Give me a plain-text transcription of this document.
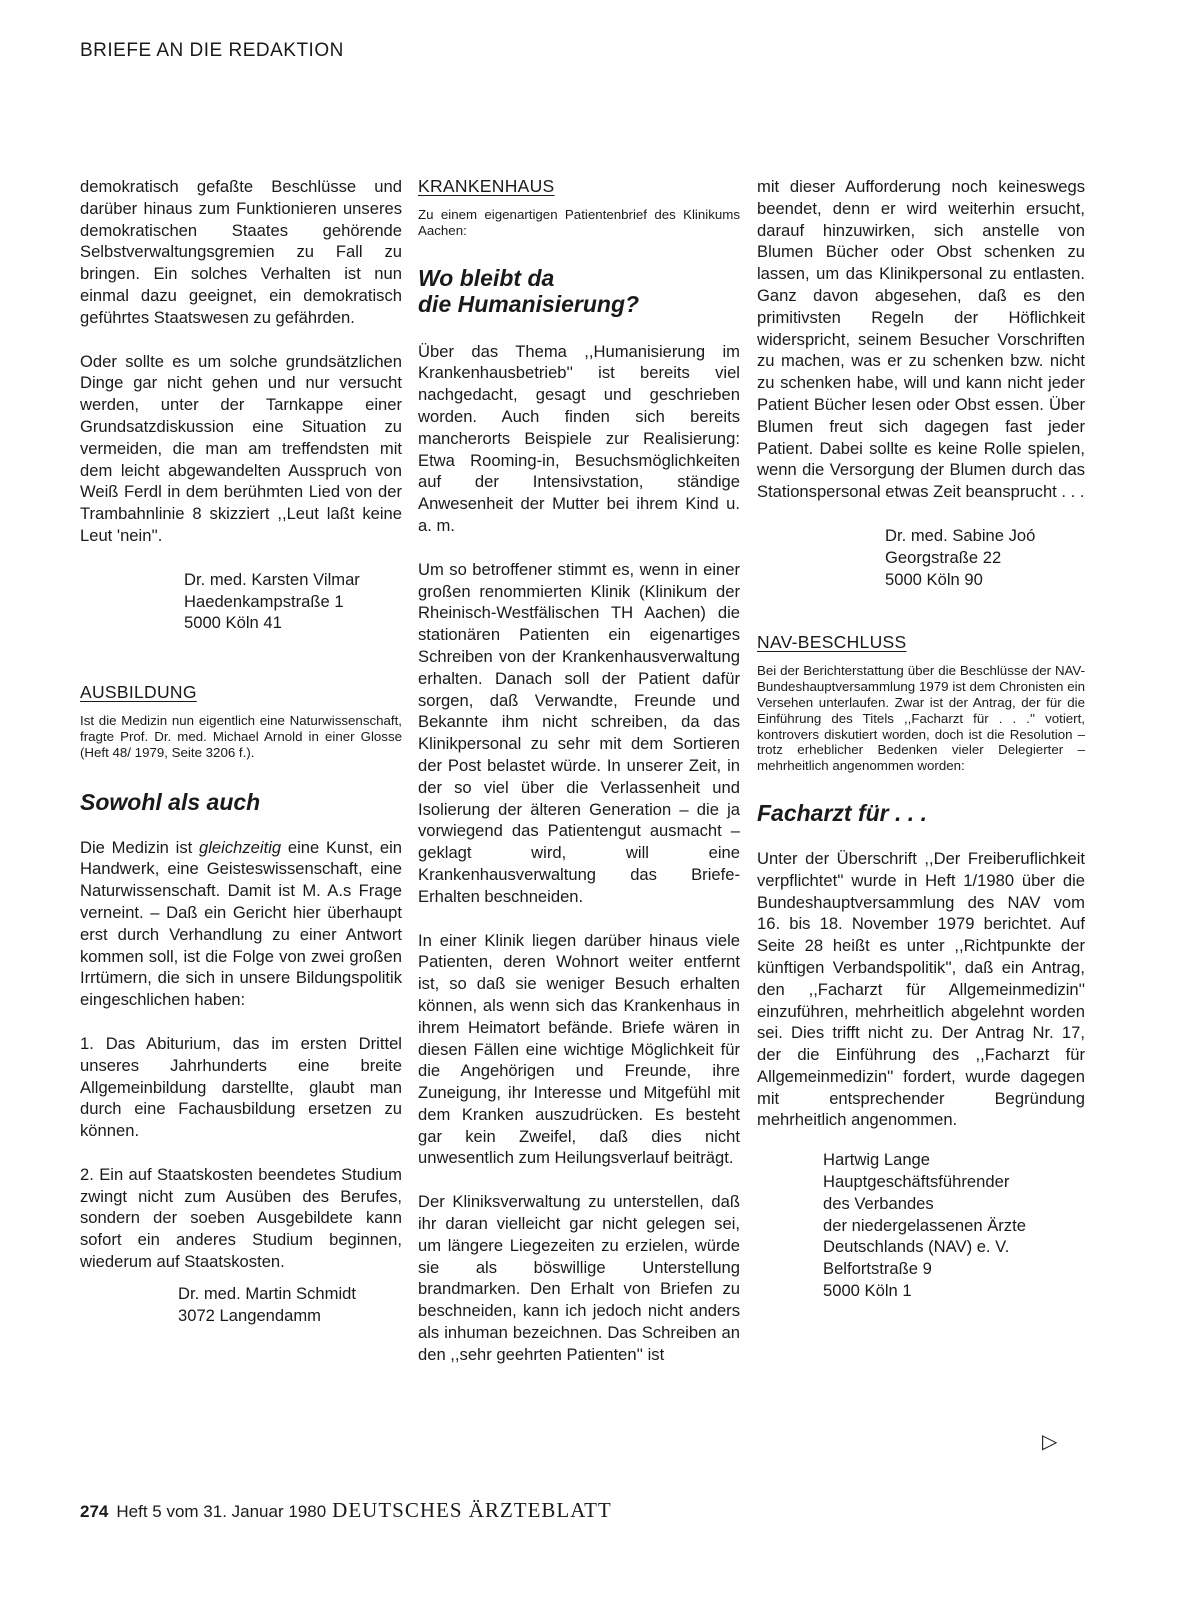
BRIEFE AN DIE REDAKTION

demokratisch gefaßte Beschlüsse und darüber hinaus zum Funktionieren unseres demokratischen Staates gehörende Selbstverwaltungsgremien zu Fall zu bringen. Ein solches Verhalten ist nun einmal dazu geeignet, ein demokratisch geführtes Staatswesen zu gefährden.

Oder sollte es um solche grundsätzlichen Dinge gar nicht gehen und nur versucht werden, unter der Tarnkappe einer Grundsatzdiskussion eine Situation zu vermeiden, die man am treffendsten mit dem leicht abgewandelten Ausspruch von Weiß Ferdl in dem berühmten Lied von der Trambahnlinie 8 skizziert ,,Leut laßt keine Leut 'nein''.

Dr. med. Karsten Vilmar
Haedenkampstraße 1
5000 Köln 41
AUSBILDUNG

Ist die Medizin nun eigentlich eine Naturwissenschaft, fragte Prof. Dr. med. Michael Arnold in einer Glosse (Heft 48/ 1979, Seite 3206 f.).

Sowohl als auch

Die Medizin ist gleichzeitig eine Kunst, ein Handwerk, eine Geisteswissenschaft, eine Naturwissenschaft. Damit ist M. A.s Frage verneint. – Daß ein Gericht hier überhaupt erst durch Verhandlung zu einer Antwort kommen soll, ist die Folge von zwei großen Irrtümern, die sich in unsere Bildungspolitik eingeschlichen haben:

1. Das Abiturium, das im ersten Drittel unseres Jahrhunderts eine breite Allgemeinbildung darstellte, glaubt man durch eine Fachausbildung ersetzen zu können.

2. Ein auf Staatskosten beendetes Studium zwingt nicht zum Ausüben des Berufes, sondern der soeben Ausgebildete kann sofort ein anderes Studium beginnen, wiederum auf Staatskosten.

Dr. med. Martin Schmidt
3072 Langendamm
KRANKENHAUS

Zu einem eigenartigen Patientenbrief des Klinikums Aachen:

Wo bleibt da
die Humanisierung?

Über das Thema ,,Humanisierung im Krankenhausbetrieb'' ist bereits viel nachgedacht, gesagt und geschrieben worden. Auch finden sich bereits mancherorts Beispiele zur Realisierung: Etwa Rooming-in, Besuchsmöglichkeiten auf der Intensivstation, ständige Anwesenheit der Mutter bei ihrem Kind u. a. m.

Um so betroffener stimmt es, wenn in einer großen renommierten Klinik (Klinikum der Rheinisch-Westfälischen TH Aachen) die stationären Patienten ein eigenartiges Schreiben von der Krankenhausverwaltung erhalten. Danach soll der Patient dafür sorgen, daß Verwandte, Freunde und Bekannte ihm nicht schreiben, da das Klinikpersonal zu sehr mit dem Sortieren der Post belastet würde. In unserer Zeit, in der so viel über die Verlassenheit und Isolierung der älteren Generation – die ja vorwiegend das Patientengut ausmacht – geklagt wird, will eine Krankenhausverwaltung das Briefe-Erhalten beschneiden.

In einer Klinik liegen darüber hinaus viele Patienten, deren Wohnort weiter entfernt ist, so daß sie weniger Besuch erhalten können, als wenn sich das Krankenhaus in ihrem Heimatort befände. Briefe wären in diesen Fällen eine wichtige Möglichkeit für die Angehörigen und Freunde, ihre Zuneigung, ihr Interesse und Mitgefühl mit dem Kranken auszudrücken. Es besteht gar kein Zweifel, daß dies nicht unwesentlich zum Heilungsverlauf beiträgt.

Der Kliniksverwaltung zu unterstellen, daß ihr daran vielleicht gar nicht gelegen sei, um längere Liegezeiten zu erzielen, würde sie als böswillige Unterstellung brandmarken. Den Erhalt von Briefen zu beschneiden, kann ich jedoch nicht anders als inhuman bezeichnen. Das Schreiben an den ,,sehr geehrten Patienten'' ist

mit dieser Aufforderung noch keineswegs beendet, denn er wird weiterhin ersucht, darauf hinzuwirken, sich anstelle von Blumen Bücher oder Obst schenken zu lassen, um das Klinikpersonal zu entlasten. Ganz davon abgesehen, daß es den primitivsten Regeln der Höflichkeit widerspricht, seinem Besucher Vorschriften zu machen, was er zu schenken bzw. nicht zu schenken habe, will und kann nicht jeder Patient Bücher lesen oder Obst essen. Über Blumen freut sich dagegen fast jeder Patient. Dabei sollte es keine Rolle spielen, wenn die Versorgung der Blumen durch das Stationspersonal etwas Zeit beansprucht . . .

Dr. med. Sabine Joó
Georgstraße 22
5000 Köln 90
NAV-BESCHLUSS

Bei der Berichterstattung über die Beschlüsse der NAV-Bundeshauptversammlung 1979 ist dem Chronisten ein Versehen unterlaufen. Zwar ist der Antrag, der für die Einführung des Titels ,,Facharzt für . . .'' votiert, kontrovers diskutiert worden, doch ist die Resolution – trotz erheblicher Bedenken vieler Delegierter – mehrheitlich angenommen worden:

Facharzt für . . .

Unter der Überschrift ,,Der Freiberuflichkeit verpflichtet'' wurde in Heft 1/1980 über die Bundeshauptversammlung des NAV vom 16. bis 18. November 1979 berichtet. Auf Seite 28 heißt es unter ,,Richtpunkte der künftigen Verbandspolitik'', daß ein Antrag, den ,,Facharzt für Allgemeinmedizin'' einzuführen, mehrheitlich abgelehnt worden sei. Dies trifft nicht zu. Der Antrag Nr. 17, der die Einführung des ,,Facharzt für Allgemeinmedizin'' fordert, wurde dagegen mit entsprechender Begründung mehrheitlich angenommen.

Hartwig Lange
Hauptgeschäftsführender
des Verbandes
der niedergelassenen Ärzte
Deutschlands (NAV) e. V.
Belfortstraße 9
5000 Köln 1
▷
274 Heft 5 vom 31. Januar 1980 DEUTSCHES ÄRZTEBLATT
